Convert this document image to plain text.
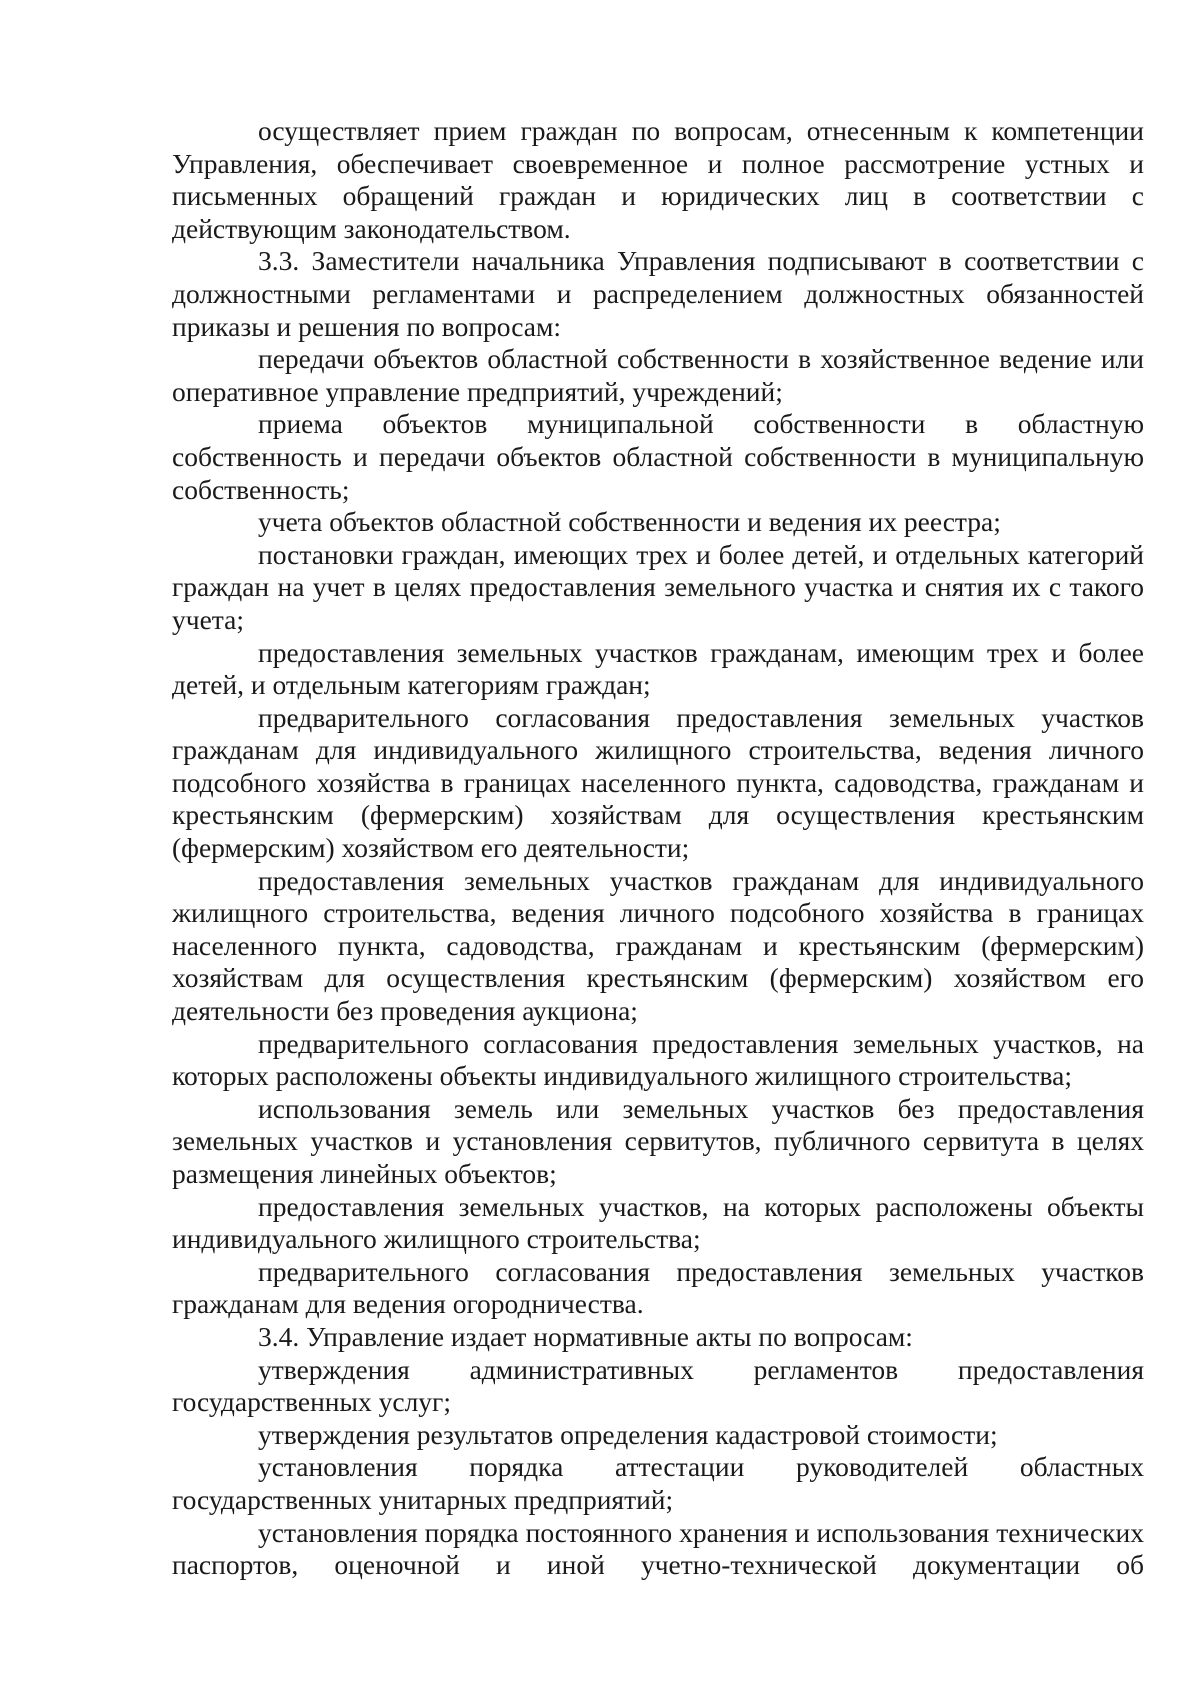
осуществляет прием граждан по вопросам, отнесенным к компетенции Управления, обеспечивает своевременное и полное рассмотрение устных и письменных обращений граждан и юридических лиц в соответствии с действующим законодательством.

3.3. Заместители начальника Управления подписывают в соответствии с должностными регламентами и распределением должностных обязанностей приказы и решения по вопросам:

передачи объектов областной собственности в хозяйственное ведение или оперативное управление предприятий, учреждений;

приема объектов муниципальной собственности в областную собственность и передачи объектов областной собственности в муниципальную собственность;

учета объектов областной собственности и ведения их реестра;

постановки граждан, имеющих трех и более детей, и отдельных категорий граждан на учет в целях предоставления земельного участка и снятия их с такого учета;

предоставления земельных участков гражданам, имеющим трех и более детей, и отдельным категориям граждан;

предварительного согласования предоставления земельных участков гражданам для индивидуального жилищного строительства, ведения личного подсобного хозяйства в границах населенного пункта, садоводства, гражданам и крестьянским (фермерским) хозяйствам для осуществления крестьянским (фермерским) хозяйством его деятельности;

предоставления земельных участков гражданам для индивидуального жилищного строительства, ведения личного подсобного хозяйства в границах населенного пункта, садоводства, гражданам и крестьянским (фермерским) хозяйствам для осуществления крестьянским (фермерским) хозяйством его деятельности без проведения аукциона;

предварительного согласования предоставления земельных участков, на которых расположены объекты индивидуального жилищного строительства;

использования земель или земельных участков без предоставления земельных участков и установления сервитутов, публичного сервитута в целях размещения линейных объектов;

предоставления земельных участков, на которых расположены объекты индивидуального жилищного строительства;

предварительного согласования предоставления земельных участков гражданам для ведения огородничества.

3.4. Управление издает нормативные акты по вопросам:

утверждения административных регламентов предоставления государственных услуг;

утверждения результатов определения кадастровой стоимости;

установления порядка аттестации руководителей областных государственных унитарных предприятий;

установления порядка постоянного хранения и использования технических паспортов, оценочной и иной учетно-технической документации об
